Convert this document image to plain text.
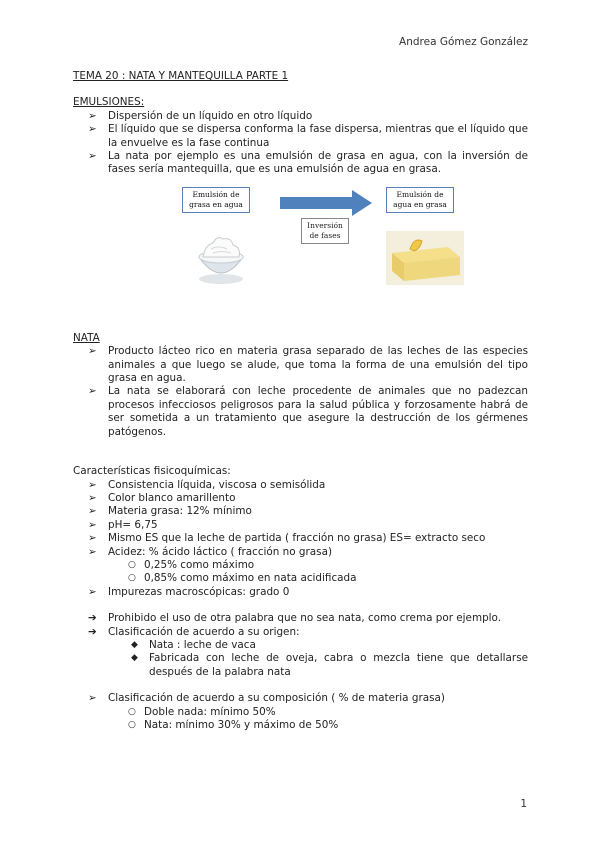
Andrea Gómez González
TEMA 20 : NATA Y MANTEQUILLA PARTE 1
EMULSIONES:
➢	Dispersión de un líquido en otro líquido
➢	El líquido que se dispersa conforma la fase dispersa, mientras que el líquido que la envuelve es la fase continua
➢	La nata por ejemplo es una emulsión de grasa en agua, con la inversión de fases sería mantequilla, que es una emulsión de agua en grasa.
Emulsión de grasa en agua
Emulsión de agua en grasa
Inversión de fases
NATA
➢	Producto lácteo rico en materia grasa separado de las leches de las especies animales a que luego se alude, que toma la forma de una emulsión del tipo grasa en agua.
➢	La nata se elaborará con leche procedente de animales que no padezcan procesos infecciosos peligrosos para la salud pública y forzosamente habrá de ser sometida a un tratamiento que asegure la destrucción de los gérmenes patógenos.
Características fisicoquímicas:
➢	Consistencia líquida, viscosa o semisólida
➢	Color blanco amarillento
➢	Materia grasa: 12% mínimo
➢	pH= 6,75
➢	Mismo ES que la leche de partida ( fracción no grasa) ES= extracto seco
➢	Acidez: % ácido láctico ( fracción no grasa)
○ 0,25% como máximo
○ 0,85% como máximo en nata acidificada
➢	Impurezas macroscópicas: grado 0
➔	Prohibido el uso de otra palabra que no sea nata, como crema por ejemplo.
➔	Clasificación de acuerdo a su origen:
◆	Nata : leche de vaca
◆	Fabricada con leche de oveja, cabra o mezcla tiene que detallarse después de la palabra nata
➢	Clasificación de acuerdo a su composición ( % de materia grasa)
○ Doble nada: mínimo 50%
○ Nata: mínimo 30% y máximo de 50%
1
